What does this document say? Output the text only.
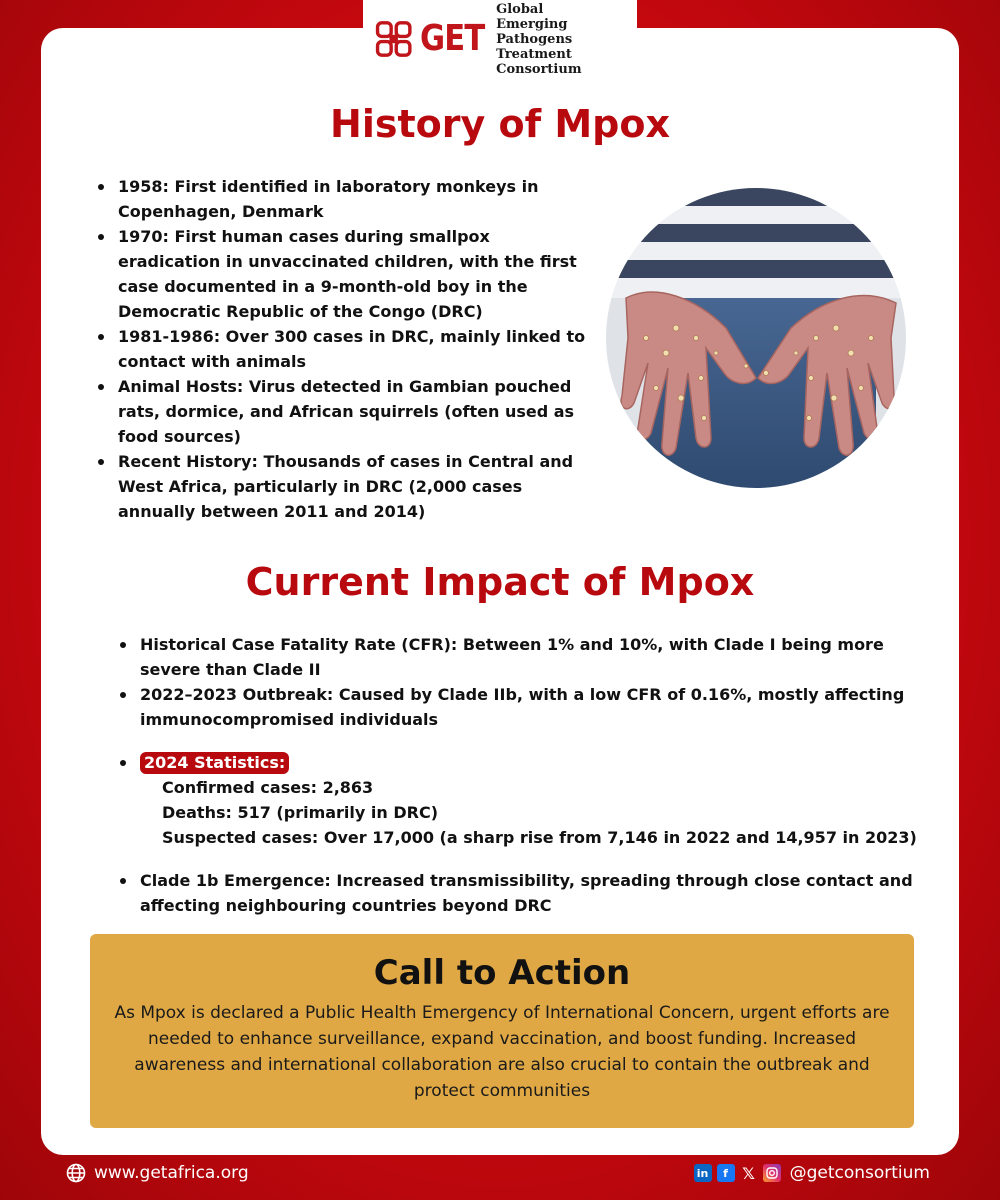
GET
Global
Emerging Pathogens
Treatment Consortium
History of Mpox
1958: First identified in laboratory monkeys in Copenhagen, Denmark
1970: First human cases during smallpox eradication in unvaccinated children, with the first case documented in a 9-month-old boy in the Democratic Republic of the Congo (DRC)
1981-1986: Over 300 cases in DRC, mainly linked to contact with animals
Animal Hosts: Virus detected in Gambian pouched rats, dormice, and African squirrels (often used as food sources)
Recent History: Thousands of cases in Central and West Africa, particularly in DRC (2,000 cases annually between 2011 and 2014)
Current Impact of Mpox
Historical Case Fatality Rate (CFR): Between 1% and 10%, with Clade I being more severe than Clade II
2022–2023 Outbreak: Caused by Clade IIb, with a low CFR of 0.16%, mostly affecting immunocompromised individuals
2024 Statistics:
Confirmed cases: 2,863
Deaths: 517 (primarily in DRC)
Suspected cases: Over 17,000 (a sharp rise from 7,146 in 2022 and 14,957 in 2023)
Clade 1b Emergence: Increased transmissibility, spreading through close contact and affecting neighbouring countries beyond DRC
Call to Action
As Mpox is declared a Public Health Emergency of International Concern, urgent efforts are needed to enhance surveillance, expand vaccination, and boost funding. Increased awareness and international collaboration are also crucial to contain the outbreak and protect communities
www.getafrica.org	in	f 𝕏 @getconsortium
